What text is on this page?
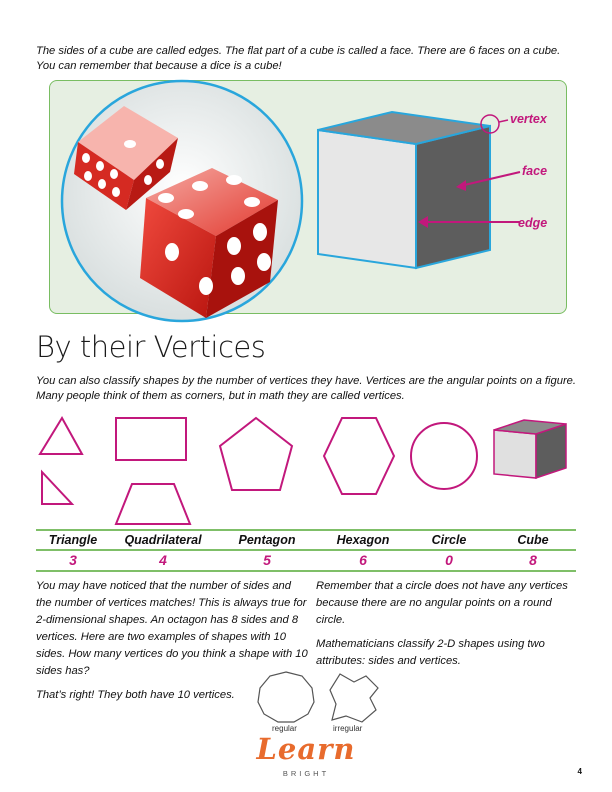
The sides of a cube are called edges. The flat part of a cube is called a face. There are 6 faces on a cube. You can remember that because a dice is a cube!
vertex
face
edge
By their Vertices
You can also classify shapes by the number of vertices they have. Vertices are the angular points on a figure. Many people think of them as corners, but in math they are called vertices.
Triangle	Quadrilateral	Pentagon	Hexagon	Circle	Cube
3	4	5	6	0	8

You may have noticed that the number of sides and the number of vertices matches! This is always true for 2-dimensional shapes. An octagon has 8 sides and 8 vertices. Here are two examples of shapes with 10 sides. How many vertices do you think a shape with 10 sides has?

That’s right! They both have 10 vertices.

Remember that a circle does not have any vertices because there are no angular points on a round circle.

Mathematicians classify 2-D shapes using two attributes: sides and vertices.

regular	irregular
Learn
BRIGHT	4
